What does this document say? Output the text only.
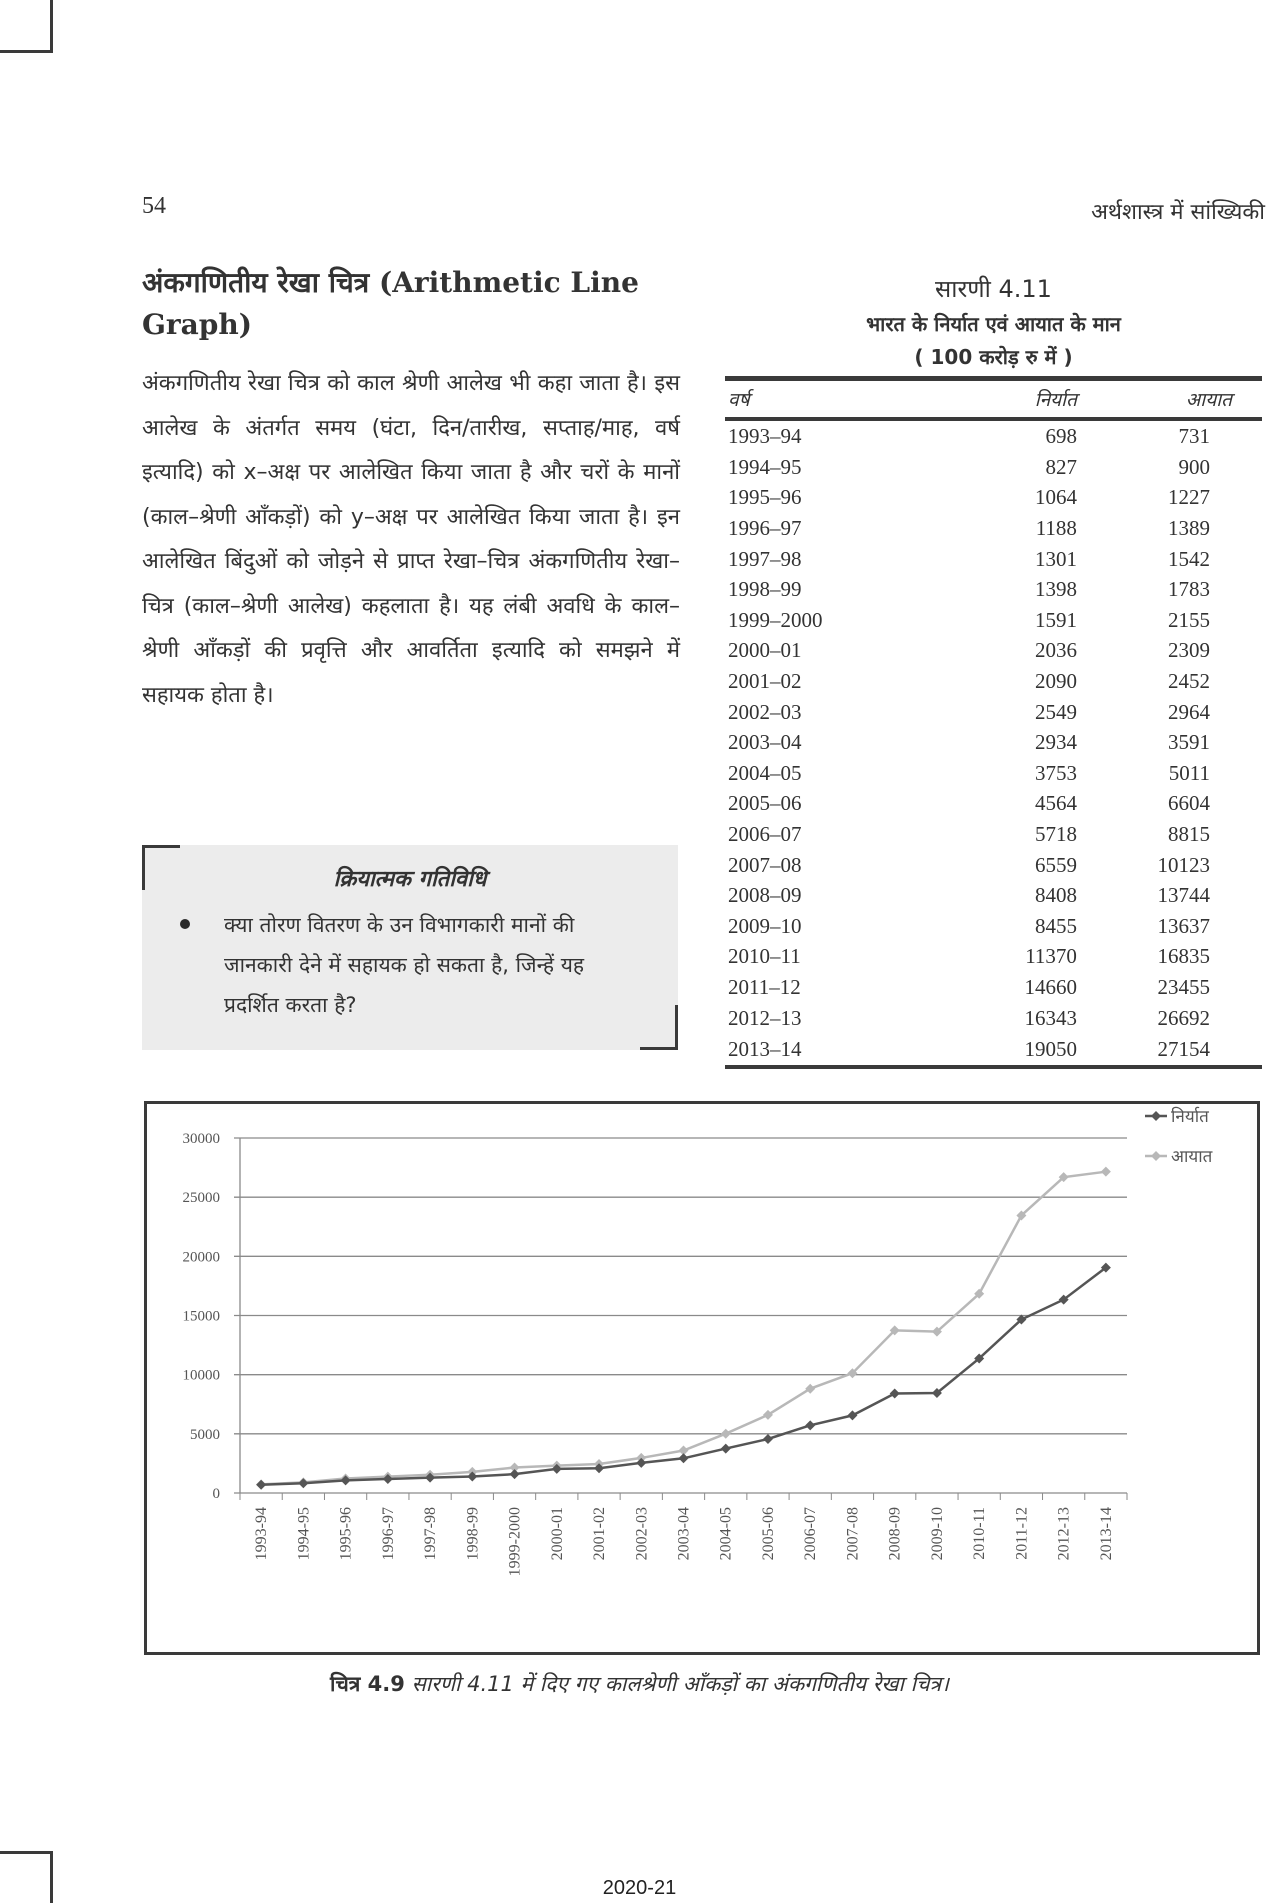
54	अर्थशास्त्र में सांख्यिकी
अंकगणितीय रेखा चित्र (Arithmetic Line Graph)
अंकगणितीय रेखा चित्र को काल श्रेणी आलेख भी कहा जाता है। इस आलेख के अंतर्गत समय (घंटा, दिन/तारीख, सप्ताह/माह, वर्ष इत्यादि) को x–अक्ष पर आलेखित किया जाता है और चरों के मानों (काल–श्रेणी आँकड़ों) को y–अक्ष पर आलेखित किया जाता है। इन आलेखित बिंदुओं को जोड़ने से प्राप्त रेखा–चित्र अंकगणितीय रेखा–चित्र (काल–श्रेणी आलेख) कहलाता है। यह लंबी अवधि के काल–श्रेणी आँकड़ों की प्रवृत्ति और आवर्तिता इत्यादि को समझने में सहायक होता है।
क्रियात्मक गतिविधि
क्या तोरण वितरण के उन विभागकारी मानों की जानकारी देने में सहायक हो सकता है, जिन्हें यह प्रदर्शित करता है?
सारणी 4.11
भारत के निर्यात एवं आयात के मान
( 100 करोड़ रु में )
वर्ष	निर्यात	आयात
1993–94	698	731
1994–95	827	900
1995–96	1064	1227
1996–97	1188	1389
1997–98	1301	1542
1998–99	1398	1783
1999–2000	1591	2155
2000–01	2036	2309
2001–02	2090	2452
2002–03	2549	2964
2003–04	2934	3591
2004–05	3753	5011
2005–06	4564	6604
2006–07	5718	8815
2007–08	6559	10123
2008–09	8408	13744
2009–10	8455	13637
2010–11	11370	16835
2011–12	14660	23455
2012–13	16343	26692
2013–14	19050	27154
0
5000
10000
15000
20000
25000
30000
1993-94 1994-95 1995-96 1996-97 1997-98 1998-99 1999-2000 2000-01 2001-02 2002-03 2003-04 2004-05 2005-06 2006-07 2007-08 2008-09 2009-10 2010-11 2011-12 2012-13 2013-14
निर्यात
आयात
चित्र 4.9 सारणी 4.11 में दिए गए कालश्रेणी आँकड़ों का अंकगणितीय रेखा चित्र।
2020-21
